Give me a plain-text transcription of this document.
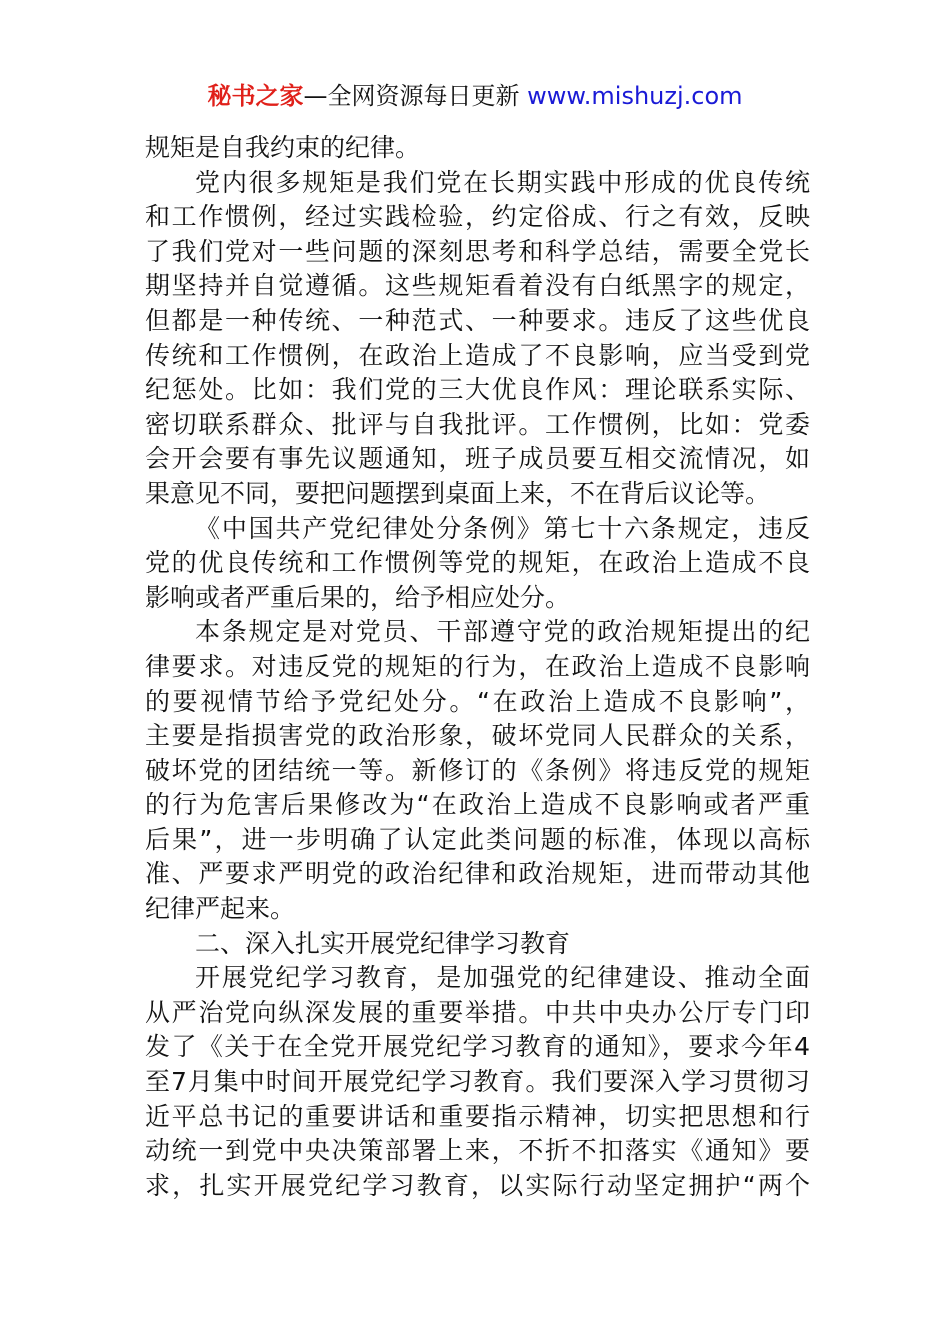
秘书之家—全网资源每日更新 www.mishuzj.com
规矩是自我约束的纪律。
党内很多规矩是我们党在长期实践中形成的优良传统
和工作惯例，经过实践检验，约定俗成、行之有效，反映
了我们党对一些问题的深刻思考和科学总结，需要全党长
期坚持并自觉遵循。这些规矩看着没有白纸黑字的规定，
但都是一种传统、一种范式、一种要求。违反了这些优良
传统和工作惯例，在政治上造成了不良影响，应当受到党
纪惩处。比如：我们党的三大优良作风：理论联系实际、
密切联系群众、批评与自我批评。工作惯例，比如：党委
会开会要有事先议题通知，班子成员要互相交流情况，如
果意见不同，要把问题摆到桌面上来，不在背后议论等。
《中国共产党纪律处分条例》第七十六条规定，违反
党的优良传统和工作惯例等党的规矩，在政治上造成不良
影响或者严重后果的，给予相应处分。
本条规定是对党员、干部遵守党的政治规矩提出的纪
律要求。对违反党的规矩的行为，在政治上造成不良影响
的要视情节给予党纪处分。“在政治上造成不良影响”，
主要是指损害党的政治形象，破坏党同人民群众的关系，
破坏党的团结统一等。新修订的《条例》将违反党的规矩
的行为危害后果修改为“在政治上造成不良影响或者严重
后果”，进一步明确了认定此类问题的标准，体现以高标
准、严要求严明党的政治纪律和政治规矩，进而带动其他
纪律严起来。
二、深入扎实开展党纪律学习教育
开展党纪学习教育，是加强党的纪律建设、推动全面
从严治党向纵深发展的重要举措。中共中央办公厅专门印
发了《关于在全党开展党纪学习教育的通知》，要求今年4
至7月集中时间开展党纪学习教育。我们要深入学习贯彻习
近平总书记的重要讲话和重要指示精神，切实把思想和行
动统一到党中央决策部署上来，不折不扣落实《通知》要
求，扎实开展党纪学习教育，以实际行动坚定拥护“两个
